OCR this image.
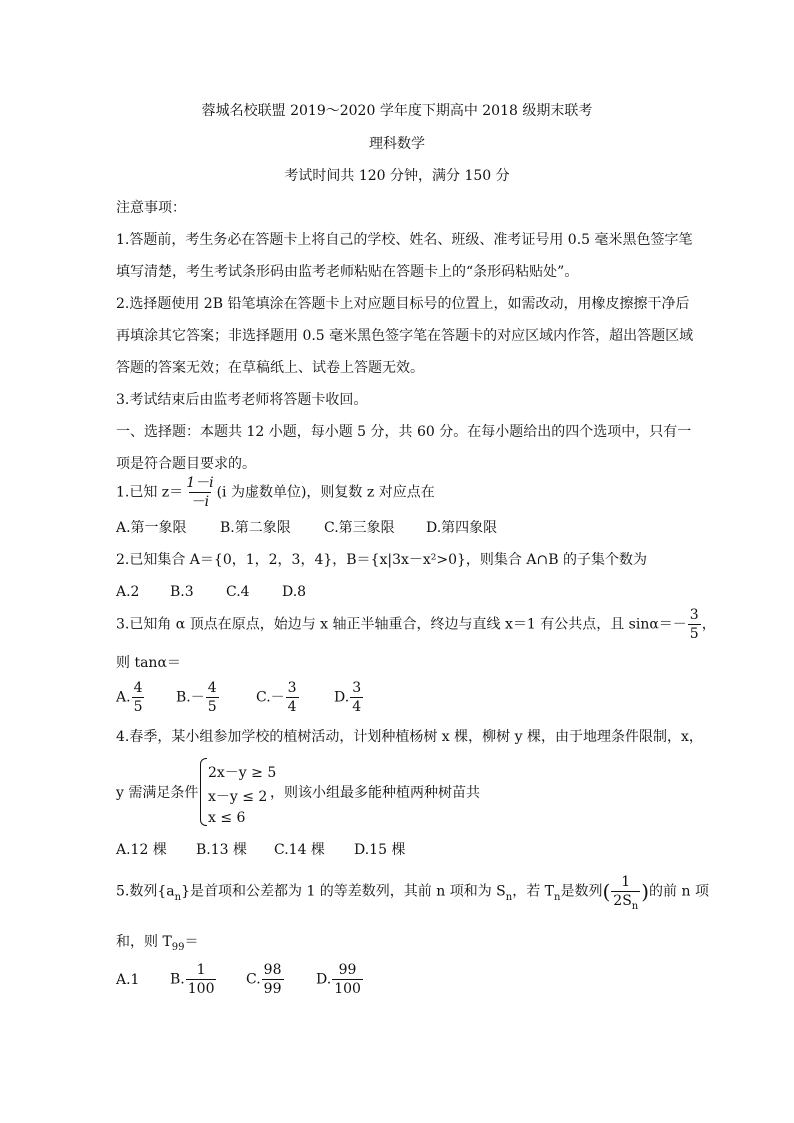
蓉城名校联盟 2019～2020 学年度下期高中 2018 级期末联考
理科数学
考试时间共 120 分钟，满分 150 分
注意事项：
1.答题前，考生务必在答题卡上将自己的学校、姓名、班级、准考证号用 0.5 毫米黑色签字笔
填写清楚，考生考试条形码由监考老师粘贴在答题卡上的“条形码粘贴处”。
2.选择题使用 2B 铅笔填涂在答题卡上对应题目标号的位置上，如需改动，用橡皮擦擦干净后
再填涂其它答案；非选择题用 0.5 毫米黑色签字笔在答题卡的对应区域内作答，超出答题区域
答题的答案无效；在草稿纸上、试卷上答题无效。
3.考试结束后由监考老师将答题卡收回。
一、选择题：本题共 12 小题，每小题 5 分，共 60 分。在每小题给出的四个选项中，只有一
项是符合题目要求的。
1.已知 $z= \frac{1-i}{-i} (i$ 为虚数单位)，则复数 z 对应点在
A.第一象限 B.第二象限 C.第三象限 D.第四象限
2.已知集合 A＝{0，1，2，3，4}，B＝{x|3x－x²>0}，则集合 A∩B 的子集个数为
A.2 B.3 C.4 D.8
3.已知角 α 顶点在原点，始边与 x 轴正半轴重合，终边与直线 x＝1 有公共点，且 $\sin\alpha=- \frac{3}{5}$ ，
则 tanα＝
A. $\frac{4}{5} B.- \frac{4}{5}$	$C.- \frac{3}{4}$	D. $\frac{3}{4}$
4.春季，某小组参加学校的植树活动，计划种植杨树 x 棵，柳树 y 棵，由于地理条件限制，x，
y 需满足条件
2x－y ≥ 5
x－y ≤ 2
x ≤ 6
，则该小组最多能种植两种树苗共
A.12 棵 B.13 棵 C.14 棵 D.15 棵
5.数列$\{a_n\}$是首项和公差都为 1 的等差数列，其前 n 项和为 $S_n$，若 $T_n$是数列( $\frac{1}{2S_n}$ )的前 n 项
和，则 $T_{99}=$
A.1 B. $\frac{1}{100} C$. $\frac{98}{99} D$. $\frac{99}{100}$
